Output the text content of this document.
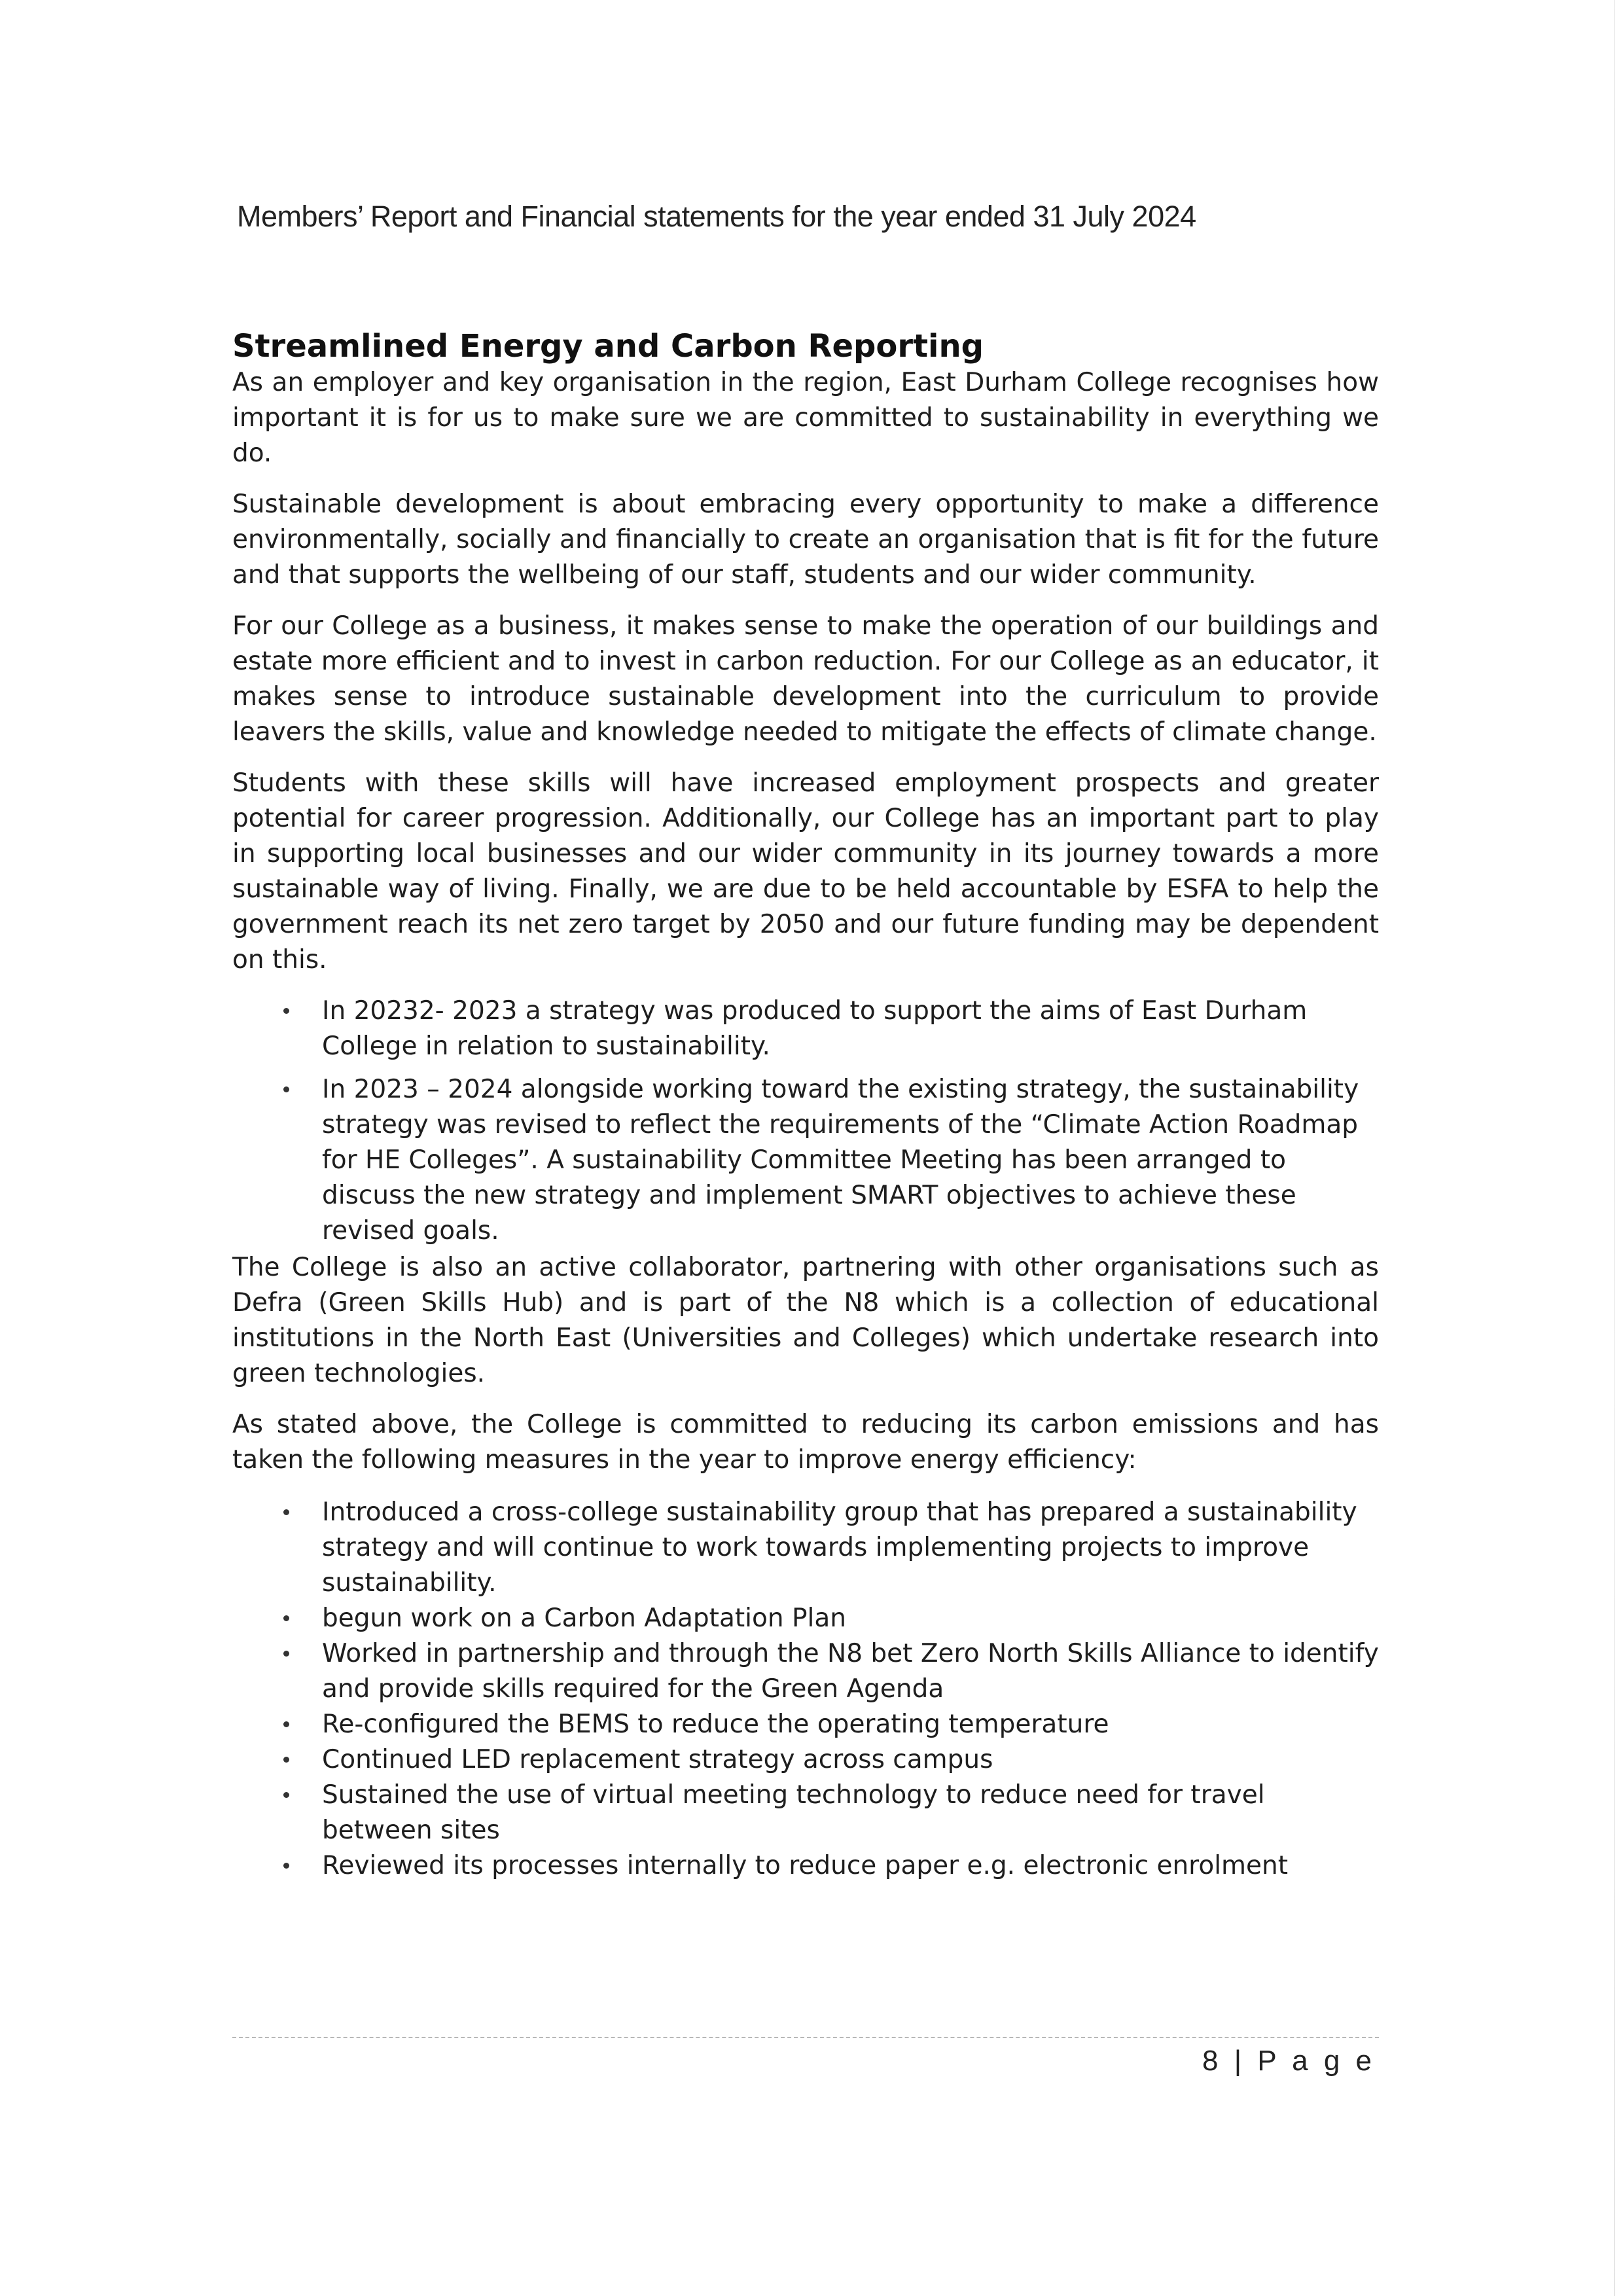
Members’ Report and Financial statements for the year ended 31 July 2024
Streamlined Energy and Carbon Reporting

As an employer and key organisation in the region, East Durham College recognises how important it is for us to make sure we are committed to sustainability in everything we do.

Sustainable development is about embracing every opportunity to make a difference environmentally, socially and financially to create an organisation that is fit for the future and that supports the wellbeing of our staff, students and our wider community.

For our College as a business, it makes sense to make the operation of our buildings and estate more efficient and to invest in carbon reduction. For our College as an educator, it makes sense to introduce sustainable development into the curriculum to provide leavers the skills, value and knowledge needed to mitigate the effects of climate change.

Students with these skills will have increased employment prospects and greater potential for career progression. Additionally, our College has an important part to play in supporting local businesses and our wider community in its journey towards a more sustainable way of living. Finally, we are due to be held accountable by ESFA to help the government reach its net zero target by 2050 and our future funding may be dependent on this.

In 20232- 2023 a strategy was produced to support the aims of East Durham College in relation to sustainability.
In 2023 – 2024 alongside working toward the existing strategy, the sustainability strategy was revised to reflect the requirements of the “Climate Action Roadmap for HE Colleges”. A sustainability Committee Meeting has been arranged to discuss the new strategy and implement SMART objectives to achieve these revised goals.

The College is also an active collaborator, partnering with other organisations such as Defra (Green Skills Hub) and is part of the N8 which is a collection of educational institutions in the North East (Universities and Colleges) which undertake research into green technologies.

As stated above, the College is committed to reducing its carbon emissions and has taken the following measures in the year to improve energy efficiency:

Introduced a cross-college sustainability group that has prepared a sustainability strategy and will continue to work towards implementing projects to improve sustainability.
begun work on a Carbon Adaptation Plan
Worked in partnership and through the N8 bet Zero North Skills Alliance to identify and provide skills required for the Green Agenda
Re-configured the BEMS to reduce the operating temperature
Continued LED replacement strategy across campus
Sustained the use of virtual meeting technology to reduce need for travel between sites
Reviewed its processes internally to reduce paper e.g. electronic enrolment
8 | P a g e
